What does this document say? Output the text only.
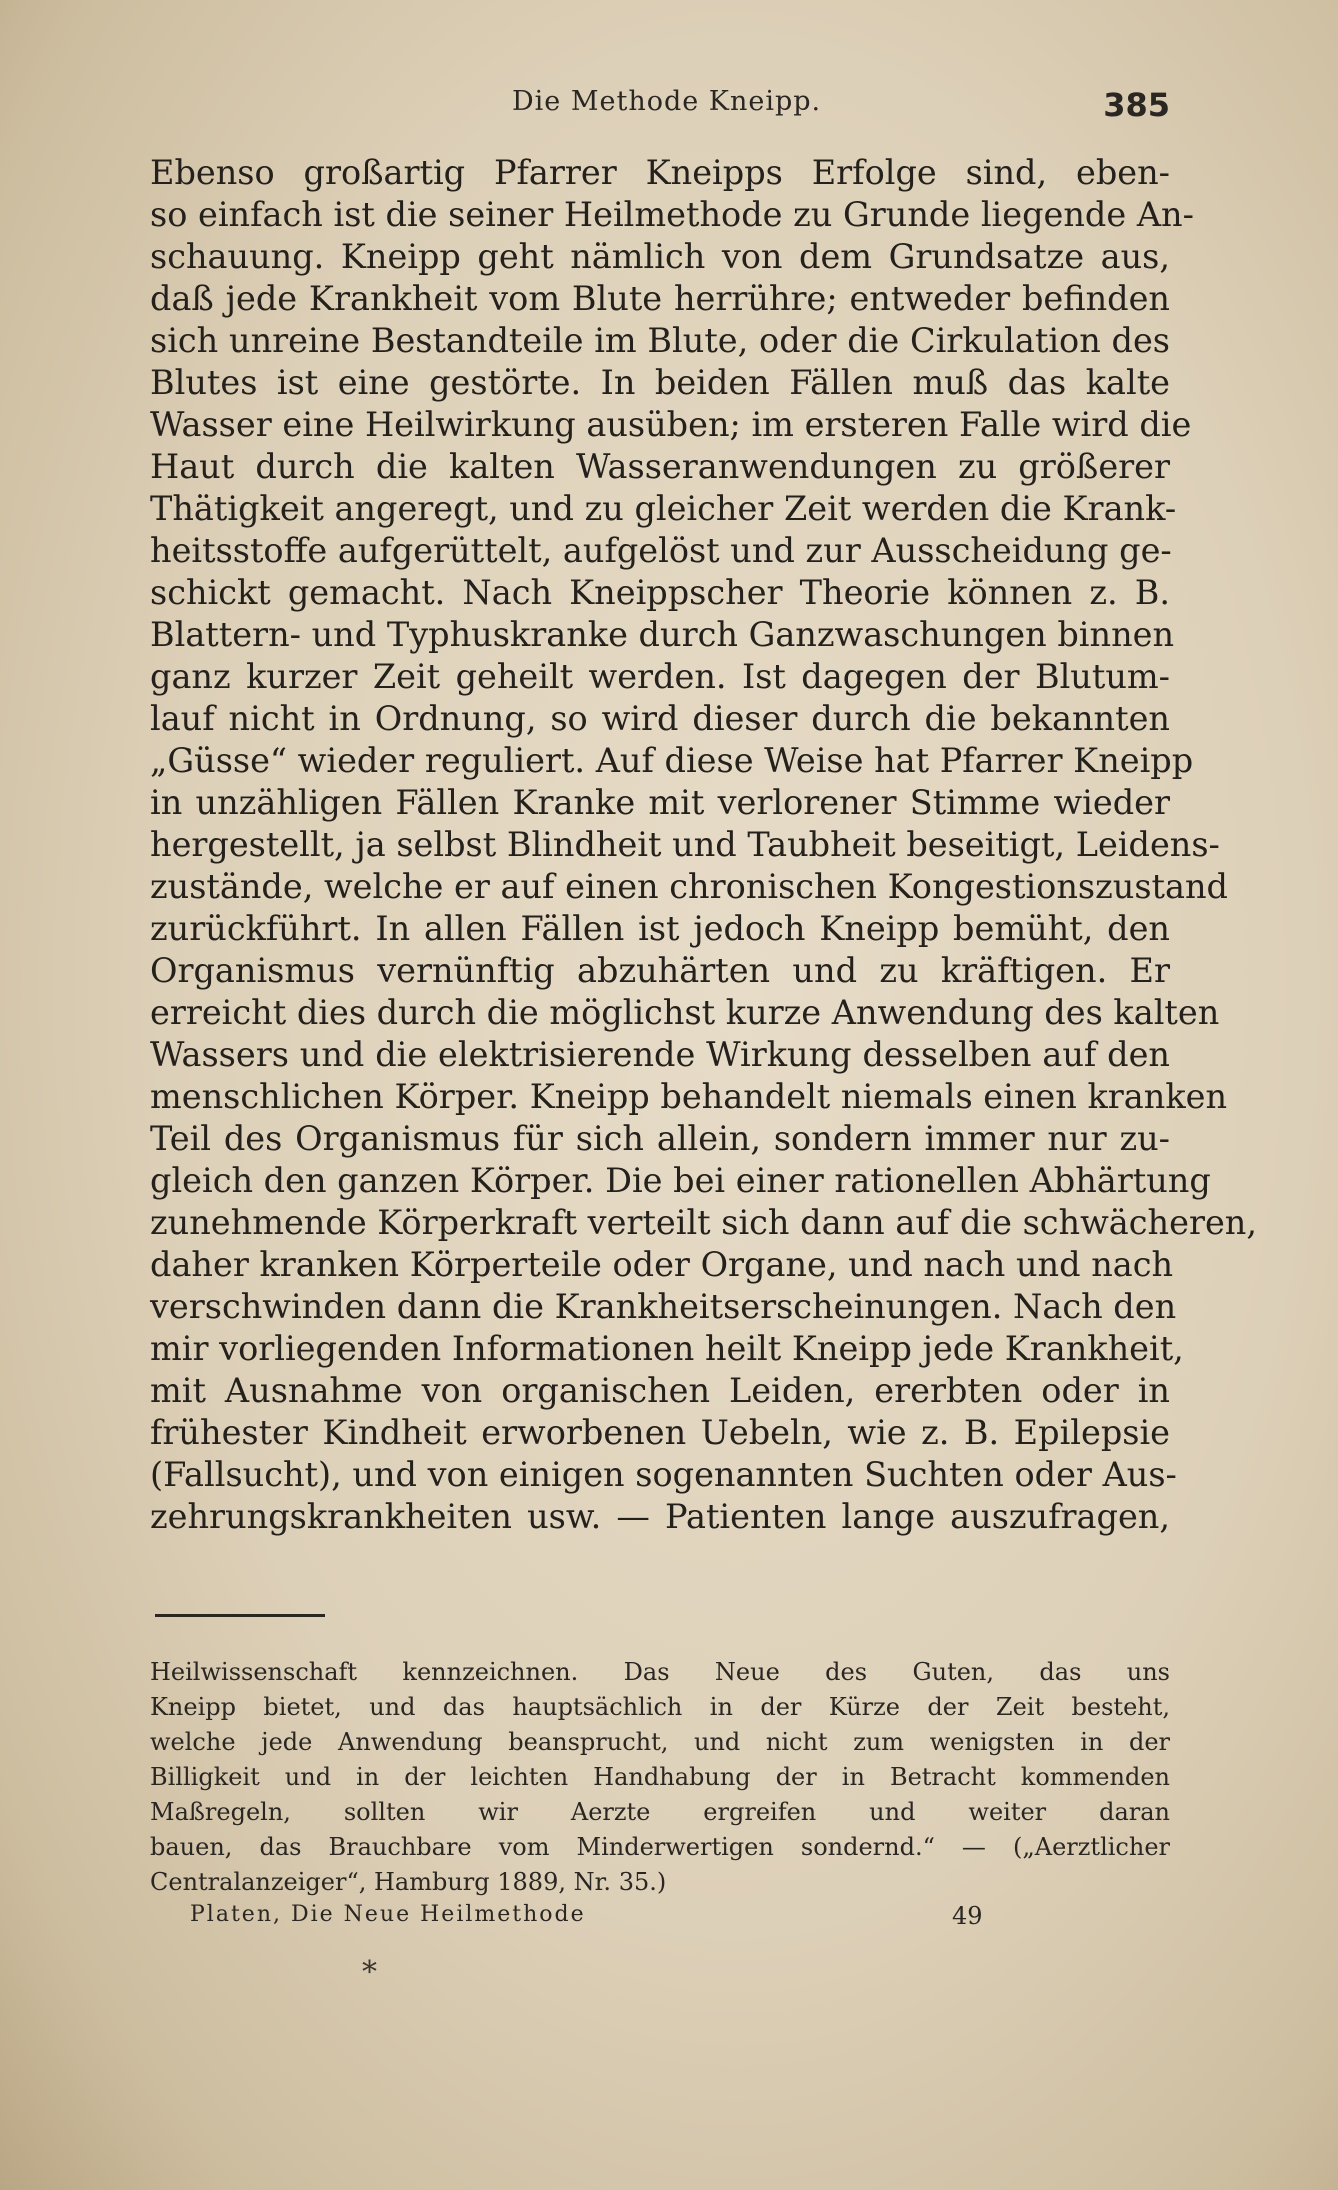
Die Methode Kneipp.	385
Ebenso großartig Pfarrer Kneipps Erfolge sind, eben-
so einfach ist die seiner Heilmethode zu Grunde liegende An-
schauung. Kneipp geht nämlich von dem Grundsatze aus,
daß jede Krankheit vom Blute herrühre; entweder befinden
sich unreine Bestandteile im Blute, oder die Cirkulation des
Blutes ist eine gestörte. In beiden Fällen muß das kalte
Wasser eine Heilwirkung ausüben; im ersteren Falle wird die
Haut durch die kalten Wasseranwendungen zu größerer
Thätigkeit angeregt, und zu gleicher Zeit werden die Krank-
heitsstoffe aufgerüttelt, aufgelöst und zur Ausscheidung ge-
schickt gemacht. Nach Kneippscher Theorie können z. B.
Blattern- und Typhuskranke durch Ganzwaschungen binnen
ganz kurzer Zeit geheilt werden. Ist dagegen der Blutum-
lauf nicht in Ordnung, so wird dieser durch die bekannten
„Güsse“ wieder reguliert. Auf diese Weise hat Pfarrer Kneipp
in unzähligen Fällen Kranke mit verlorener Stimme wieder
hergestellt, ja selbst Blindheit und Taubheit beseitigt, Leidens-
zustände, welche er auf einen chronischen Kongestionszustand
zurückführt. In allen Fällen ist jedoch Kneipp bemüht, den
Organismus vernünftig abzuhärten und zu kräftigen. Er
erreicht dies durch die möglichst kurze Anwendung des kalten
Wassers und die elektrisierende Wirkung desselben auf den
menschlichen Körper. Kneipp behandelt niemals einen kranken
Teil des Organismus für sich allein, sondern immer nur zu-
gleich den ganzen Körper. Die bei einer rationellen Abhärtung
zunehmende Körperkraft verteilt sich dann auf die schwächeren,
daher kranken Körperteile oder Organe, und nach und nach
verschwinden dann die Krankheitserscheinungen. Nach den
mir vorliegenden Informationen heilt Kneipp jede Krankheit,
mit Ausnahme von organischen Leiden, ererbten oder in
frühester Kindheit erworbenen Uebeln, wie z. B. Epilepsie
(Fallsucht), und von einigen sogenannten Suchten oder Aus-
zehrungskrankheiten usw. — Patienten lange auszufragen,
Heilwissenschaft kennzeichnen. Das Neue des Guten, das uns
Kneipp bietet, und das hauptsächlich in der Kürze der Zeit besteht,
welche jede Anwendung beansprucht, und nicht zum wenigsten in der
Billigkeit und in der leichten Handhabung der in Betracht kommenden
Maßregeln, sollten wir Aerzte ergreifen und weiter daran
bauen, das Brauchbare vom Minderwertigen sondernd.“ — („Aerztlicher
Centralanzeiger“, Hamburg 1889, Nr. 35.)
Platen, Die Neue Heilmethode	49
*
